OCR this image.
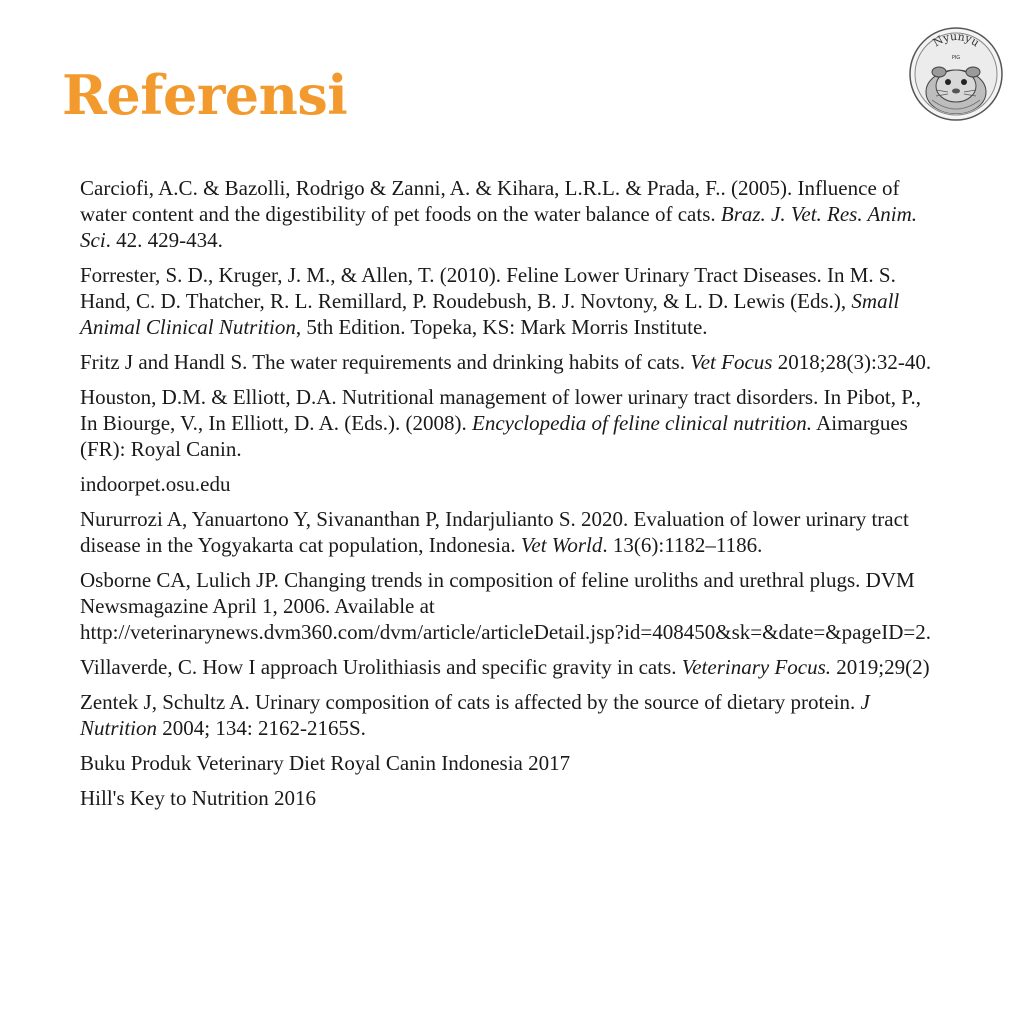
Referensi
Nyunyu
PIG
Carciofi, A.C. & Bazolli, Rodrigo & Zanni, A. & Kihara, L.R.L. & Prada, F.. (2005). Influence of water content and the digestibility of pet foods on the water balance of cats. Braz. J. Vet. Res. Anim. Sci. 42. 429-434.
Forrester, S. D., Kruger, J. M., & Allen, T. (2010). Feline Lower Urinary Tract Diseases. In M. S. Hand, C. D. Thatcher, R. L. Remillard, P. Roudebush, B. J. Novtony, & L. D. Lewis (Eds.), Small Animal Clinical Nutrition, 5th Edition. Topeka, KS: Mark Morris Institute.
Fritz J and Handl S. The water requirements and drinking habits of cats. Vet Focus 2018;28(3):32-40.
Houston, D.M. & Elliott, D.A. Nutritional management of lower urinary tract disorders. In Pibot, P., In Biourge, V., In Elliott, D. A. (Eds.). (2008). Encyclopedia of feline clinical nutrition. Aimargues (FR): Royal Canin.
indoorpet.osu.edu
Nururrozi A, Yanuartono Y, Sivananthan P, Indarjulianto S. 2020. Evaluation of lower urinary tract disease in the Yogyakarta cat population, Indonesia. Vet World. 13(6):1182–1186.
Osborne CA, Lulich JP. Changing trends in composition of feline uroliths and urethral plugs. DVM Newsmagazine April 1, 2006. Available at http://veterinarynews.dvm360.com/dvm/article/articleDetail.jsp?id=408450&sk=&date=&pageID=2.
Villaverde, C. How I approach Urolithiasis and specific gravity in cats. Veterinary Focus. 2019;29(2)
Zentek J, Schultz A. Urinary composition of cats is affected by the source of dietary protein. J Nutrition 2004; 134: 2162-2165S.
Buku Produk Veterinary Diet Royal Canin Indonesia 2017
Hill's Key to Nutrition 2016
